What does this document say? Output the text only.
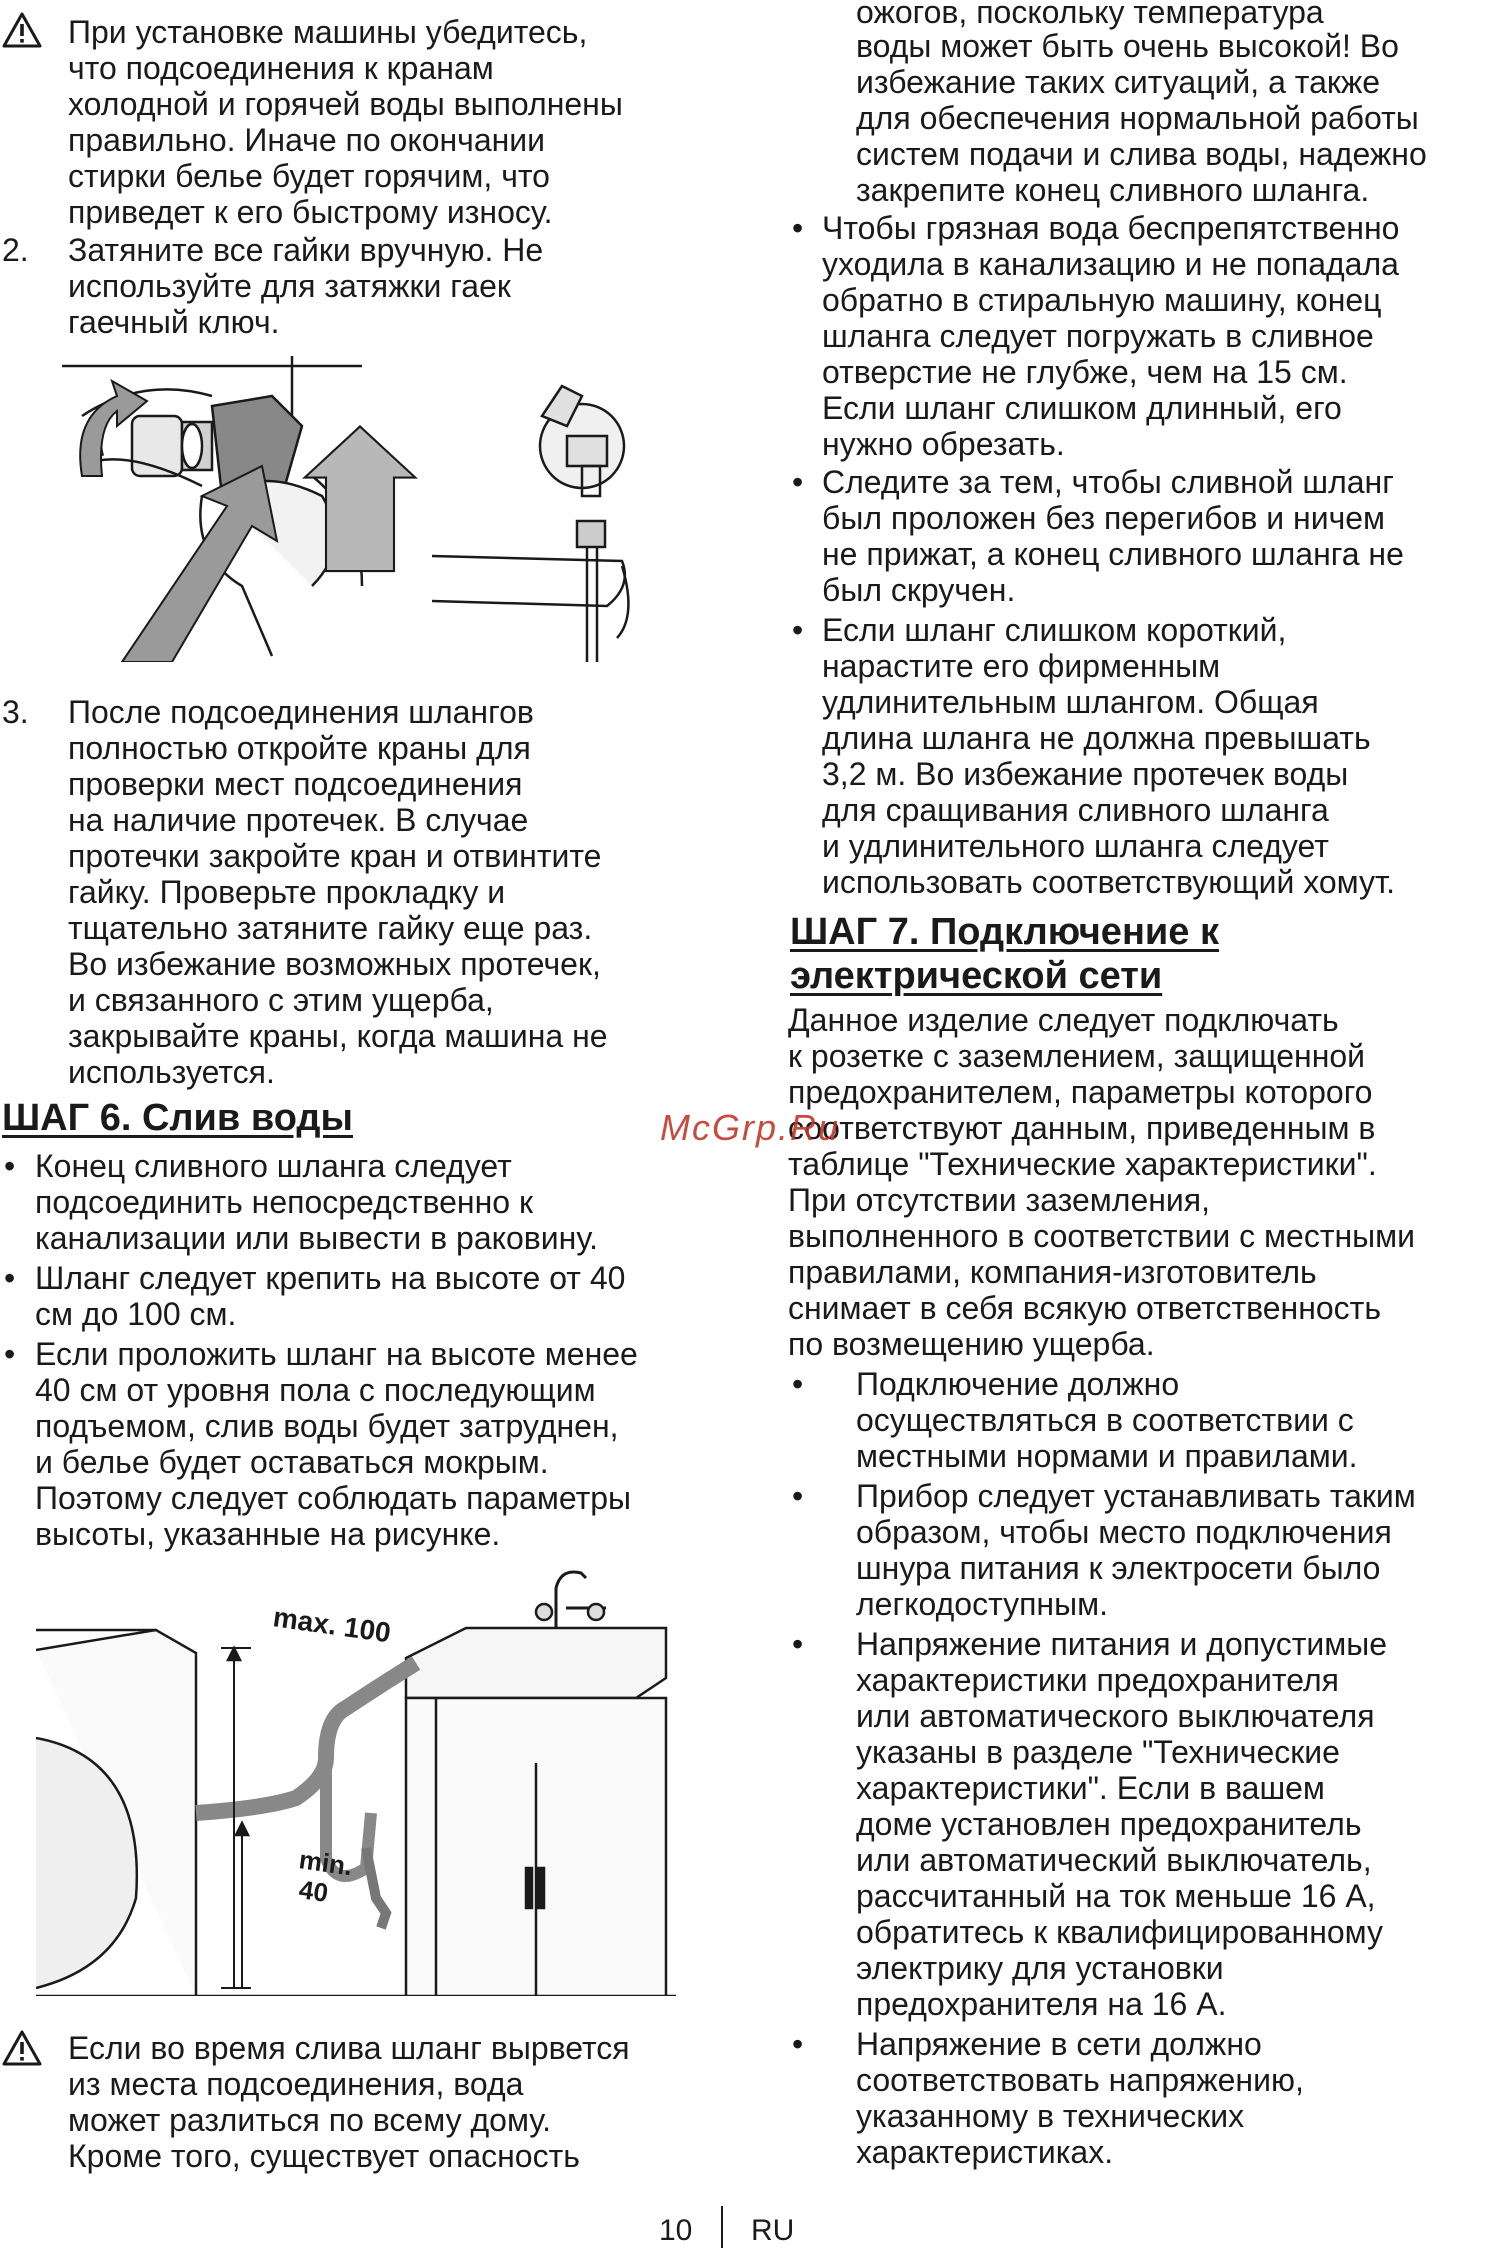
При установке машины убедитесь,
что подсоединения к кранам
холодной и горячей воды выполнены
правильно. Иначе по окончании
стирки белье будет горячим, что
приведет к его быстрому износу.
2. Затяните все гайки вручную. Не
используйте для затяжки гаек
гаечный ключ.
3. После подсоединения шлангов
полностью откройте краны для
проверки мест подсоединения
на наличие протечек. В случае
протечки закройте кран и отвинтите
гайку. Проверьте прокладку и
тщательно затяните гайку еще раз.
Во избежание возможных протечек,
и связанного с этим ущерба,
закрывайте краны, когда машина не
используется.
ШАГ 6. Слив воды
• Конец сливного шланга следует
подсоединить непосредственно к
канализации или вывести в раковину.
• Шланг следует крепить на высоте от 40
см до 100 см.
• Если проложить шланг на высоте менее
40 см от уровня пола с последующим
подъемом, слив воды будет затруднен,
и белье будет оставаться мокрым.
Поэтому следует соблюдать параметры
высоты, указанные на рисунке.
max. 100
min.
40
Если во время слива шланг вырвется
из места подсоединения, вода
может разлиться по всему дому.
Кроме того, существует опасность
ожогов, поскольку температура
воды может быть очень высокой! Во
избежание таких ситуаций, а также
для обеспечения нормальной работы
систем подачи и слива воды, надежно
закрепите конец сливного шланга.
• Чтобы грязная вода беспрепятственно
уходила в канализацию и не попадала
обратно в стиральную машину, конец
шланга следует погружать в сливное
отверстие не глубже, чем на 15 см.
Если шланг слишком длинный, его
нужно обрезать.
• Следите за тем, чтобы сливной шланг
был проложен без перегибов и ничем
не прижат, а конец сливного шланга не
был скручен.
• Если шланг слишком короткий,
нарастите его фирменным
удлинительным шлангом. Общая
длина шланга не должна превышать
3,2 м. Во избежание протечек воды
для сращивания сливного шланга
и удлинительного шланга следует
использовать соответствующий хомут.
ШАГ 7. Подключение к
электрической сети
Данное изделие следует подключать
к розетке с заземлением, защищенной
предохранителем, параметры которого
соответствуют данным, приведенным в
таблице "Технические характеристики".
При отсутствии заземления,
выполненного в соответствии с местными
правилами, компания-изготовитель
снимает в себя всякую ответственность
по возмещению ущерба.
• Подключение должно
осуществляться в соответствии с
местными нормами и правилами.
• Прибор следует устанавливать таким
образом, чтобы место подключения
шнура питания к электросети было
легкодоступным.
• Напряжение питания и допустимые
характеристики предохранителя
или автоматического выключателя
указаны в разделе "Технические
характеристики". Если в вашем
доме установлен предохранитель
или автоматический выключатель,
рассчитанный на ток меньше 16 А,
обратитесь к квалифицированному
электрику для установки
предохранителя на 16 А.
• Напряжение в сети должно
соответствовать напряжению,
указанному в технических
характеристиках.
McGrp.Ru
10 RU
